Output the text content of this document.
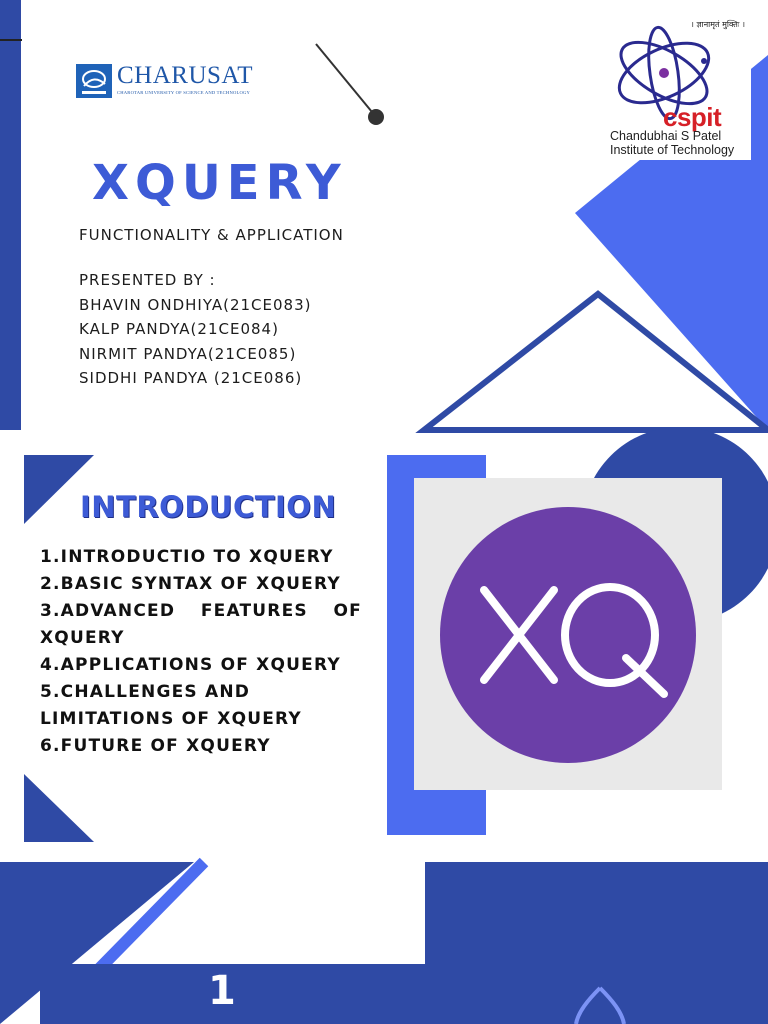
CHARUSAT
CHAROTAR UNIVERSITY OF SCIENCE AND TECHNOLOGY
। ज्ञानामृतं मुक्तिः ।
cspit
Chandubhai S Patel
Institute of Technology
XQUERY
FUNCTIONALITY & APPLICATION
PRESENTED BY :
BHAVIN ONDHIYA(21CE083)
KALP PANDYA(21CE084)
NIRMIT PANDYA(21CE085)
SIDDHI PANDYA (21CE086)
INTRODUCTION
1.INTRODUCTIO TO XQUERY
2.BASIC SYNTAX OF XQUERY
3.ADVANCED FEATURES OF
XQUERY
4.APPLICATIONS OF XQUERY
5.CHALLENGES AND
LIMITATIONS OF XQUERY
6.FUTURE OF XQUERY
1
